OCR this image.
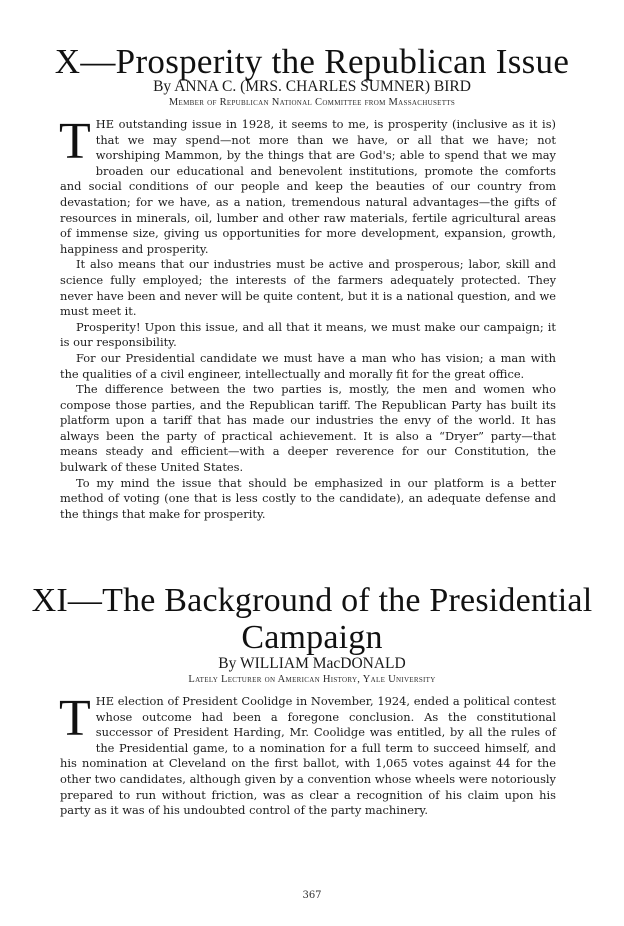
X—Prosperity the Republican Issue

By ANNA C. (MRS. CHARLES SUMNER) BIRD

Member of Republican National Committee from Massachusetts

THE outstanding issue in 1928, it seems to me, is prosperity (inclusive as it is) that we may spend—not more than we have, or all that we have; not worshiping Mammon, by the things that are God's; able to spend that we may broaden our educational and benevolent institutions, promote the comforts and social conditions of our people and keep the beauties of our country from devastation; for we have, as a nation, tremendous natural advantages—the gifts of resources in minerals, oil, lumber and other raw materials, fertile agricultural areas of immense size, giving us opportunities for more development, expansion, growth, happiness and prosperity.

It also means that our industries must be active and prosperous; labor, skill and science fully employed; the interests of the farmers adequately protected. They never have been and never will be quite content, but it is a national question, and we must meet it.

Prosperity! Upon this issue, and all that it means, we must make our campaign; it is our responsibility.

For our Presidential candidate we must have a man who has vision; a man with the qualities of a civil engineer, intellectually and morally fit for the great office.

The difference between the two parties is, mostly, the men and women who compose those parties, and the Republican tariff. The Republican Party has built its platform upon a tariff that has made our industries the envy of the world. It has always been the party of practical achievement. It is also a “Dryer” party—that means steady and efficient—with a deeper reverence for our Constitution, the bulwark of these United States.

To my mind the issue that should be emphasized in our platform is a better method of voting (one that is less costly to the candidate), an adequate defense and the things that make for prosperity.

XI—The Background of the Presidential
Campaign

By WILLIAM MacDONALD

Lately Lecturer on American History, Yale University

THE election of President Coolidge in November, 1924, ended a political contest whose outcome had been a foregone conclusion. As the constitutional successor of President Harding, Mr. Coolidge was entitled, by all the rules of the Presidential game, to a nomination for a full term to succeed himself, and his nomination at Cleveland on the first ballot, with 1,065 votes against 44 for the other two candidates, although given by a convention whose wheels were notoriously prepared to run without friction, was as clear a recognition of his claim upon his party as it was of his undoubted control of the party machinery.

367
